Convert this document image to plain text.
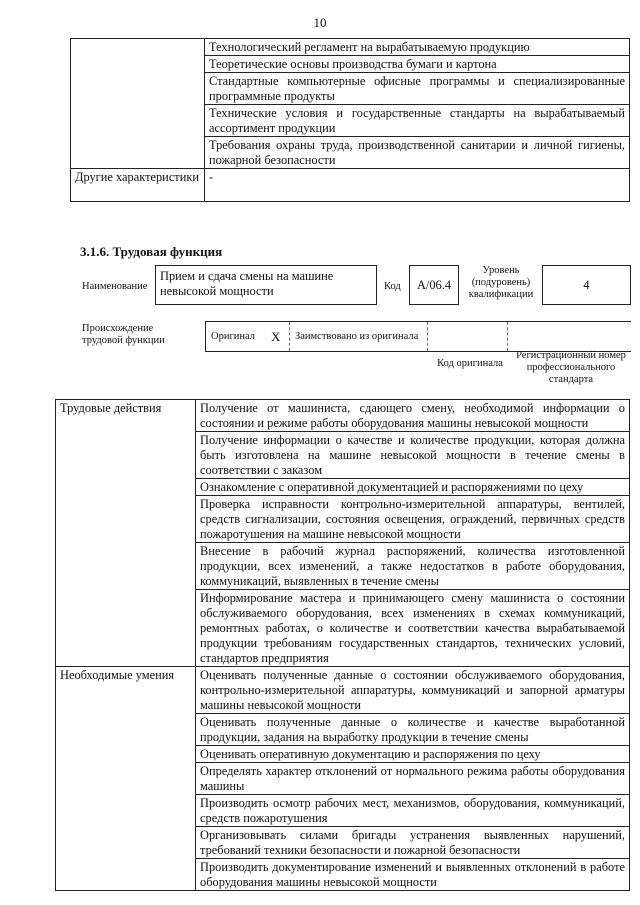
10
	Технологический регламент на вырабатываемую продукцию
	Теоретические основы производства бумаги и картона
	Стандартные компьютерные офисные программы и специализированные программные продукты
	Технические условия и государственные стандарты на вырабатываемый ассортимент продукции
	Требования охраны труда, производственной санитарии и личной гигиены, пожарной безопасности
Другие характеристики	-
3.1.6. Трудовая функция
Наименование
Прием и сдача смены на машине невысокой мощности	Код	А/06.4
Уровень (подуровень) квалификации
4
Происхождение трудовой функции	Оригинал	X	Заимствовано из оригинала
Код оригинала
Регистрационный номер профессионального стандарта
Трудовые действия	Получение от машиниста, сдающего смену, необходимой информации о состоянии и режиме работы оборудования машины невысокой мощности
	Получение информации о качестве и количестве продукции, которая должна быть изготовлена на машине невысокой мощности в течение смены в соответствии с заказом
	Ознакомление с оперативной документацией и распоряжениями по цеху
	Проверка исправности контрольно-измерительной аппаратуры, вентилей, средств сигнализации, состояния освещения, ограждений, первичных средств пожаротушения на машине невысокой мощности
	Внесение в рабочий журнал распоряжений, количества изготовленной продукции, всех изменений, а также недостатков в работе оборудования, коммуникаций, выявленных в течение смены
	Информирование мастера и принимающего смену машиниста о состоянии обслуживаемого оборудования, всех изменениях в схемах коммуникаций, ремонтных работах, о количестве и соответствии качества вырабатываемой продукции требованиям государственных стандартов, технических условий, стандартов предприятия
Необходимые умения	Оценивать полученные данные о состоянии обслуживаемого оборудования, контрольно-измерительной аппаратуры, коммуникаций и запорной арматуры машины невысокой мощности
	Оценивать полученные данные о количестве и качестве выработанной продукции, задания на выработку продукции в течение смены
	Оценивать оперативную документацию и распоряжения по цеху
	Определять характер отклонений от нормального режима работы оборудования машины
	Производить осмотр рабочих мест, механизмов, оборудования, коммуникаций, средств пожаротушения
	Организовывать силами бригады устранения выявленных нарушений, требований техники безопасности и пожарной безопасности
	Производить документирование изменений и выявленных отклонений в работе оборудования машины невысокой мощности
